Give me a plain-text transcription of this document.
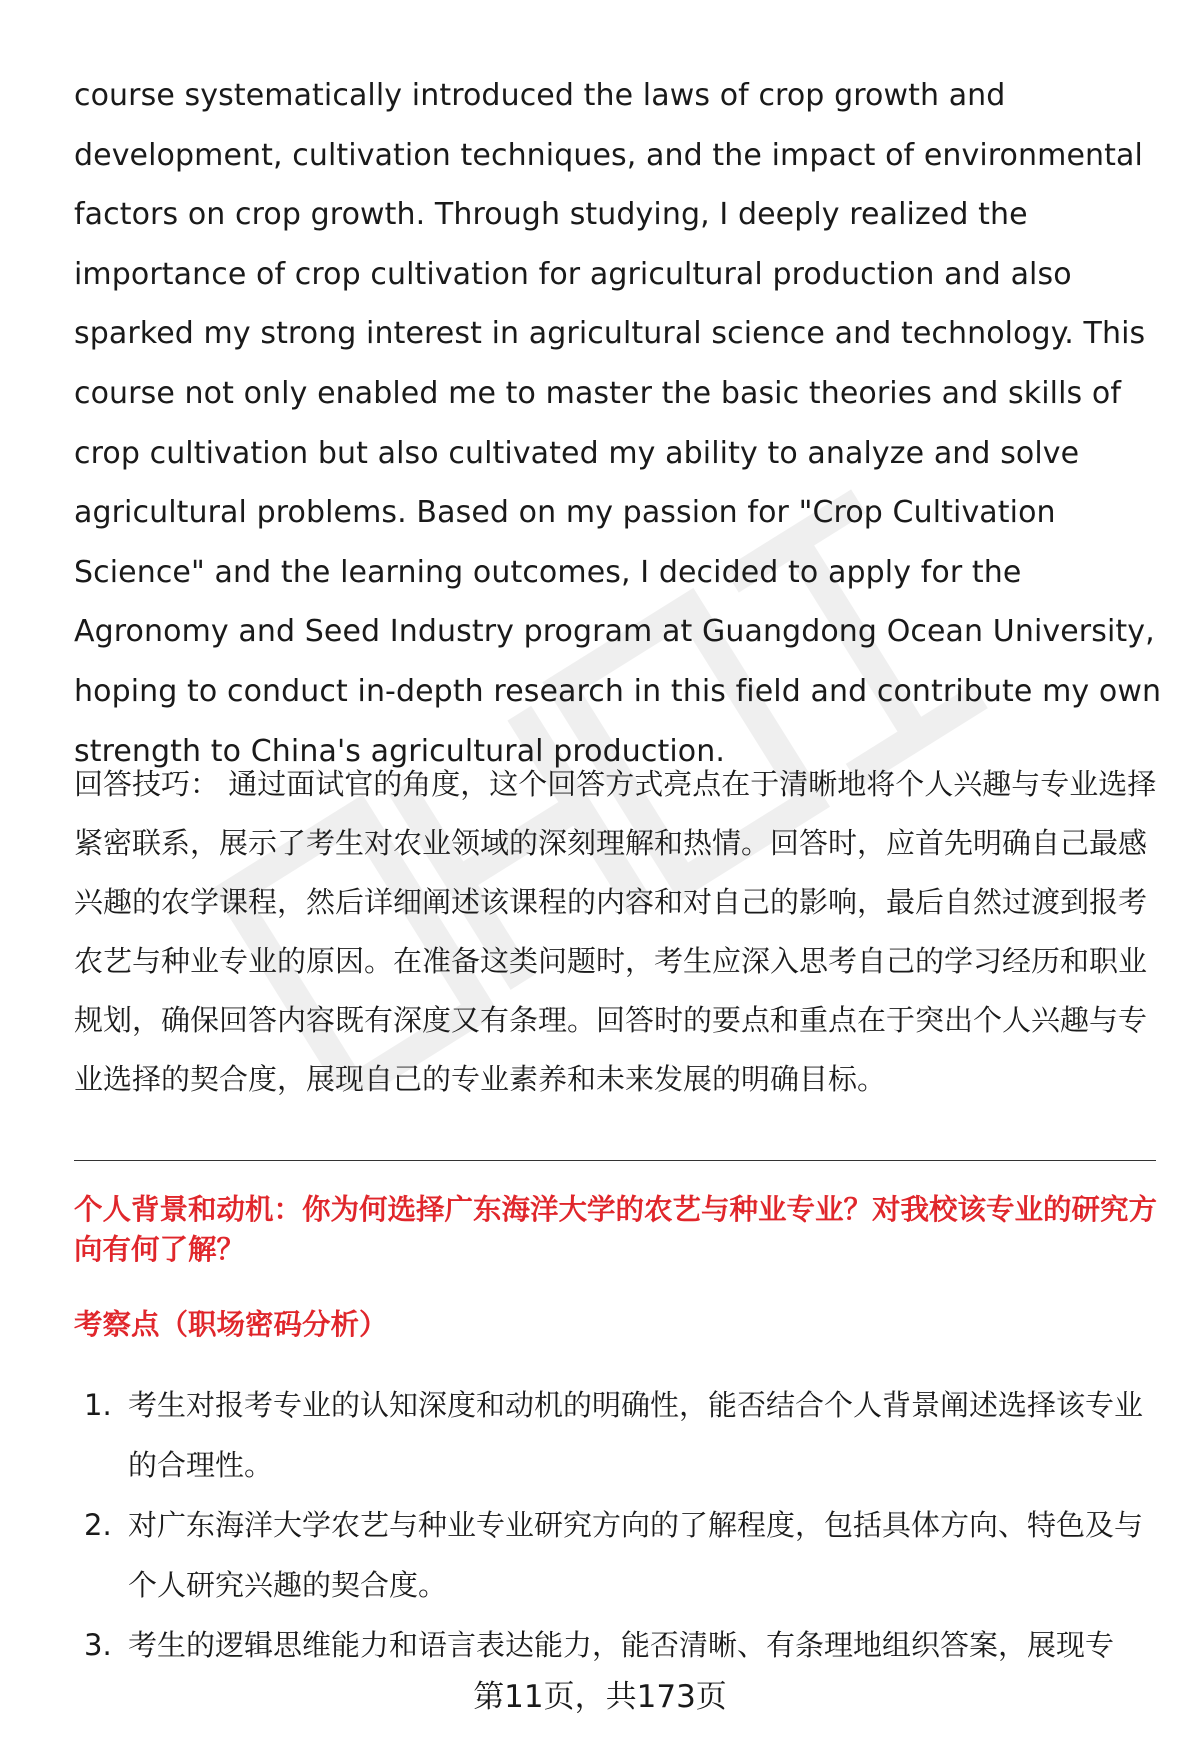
course systematically introduced the laws of crop growth and development, cultivation techniques, and the impact of environmental factors on crop growth. Through studying, I deeply realized the importance of crop cultivation for agricultural production and also sparked my strong interest in agricultural science and technology. This course not only enabled me to master the basic theories and skills of crop cultivation but also cultivated my ability to analyze and solve agricultural problems. Based on my passion for "Crop Cultivation Science" and the learning outcomes, I decided to apply for the Agronomy and Seed Industry program at Guangdong Ocean University, hoping to conduct in-depth research in this field and contribute my own strength to China's agricultural production.

回答技巧： 通过面试官的角度，这个回答方式亮点在于清晰地将个人兴趣与专业选择紧密联系，展示了考生对农业领域的深刻理解和热情。回答时，应首先明确自己最感兴趣的农学课程，然后详细阐述该课程的内容和对自己的影响，最后自然过渡到报考农艺与种业专业的原因。在准备这类问题时，考生应深入思考自己的学习经历和职业规划，确保回答内容既有深度又有条理。回答时的要点和重点在于突出个人兴趣与专业选择的契合度，展现自己的专业素养和未来发展的明确目标。

个人背景和动机：你为何选择广东海洋大学的农艺与种业专业？对我校该专业的研究方向有何了解？

考察点（职场密码分析）

1. 考生对报考专业的认知深度和动机的明确性，能否结合个人背景阐述选择该专业的合理性。
2. 对广东海洋大学农艺与种业专业研究方向的了解程度，包括具体方向、特色及与个人研究兴趣的契合度。
3. 考生的逻辑思维能力和语言表达能力，能否清晰、有条理地组织答案，展现专
第11页，共173页
